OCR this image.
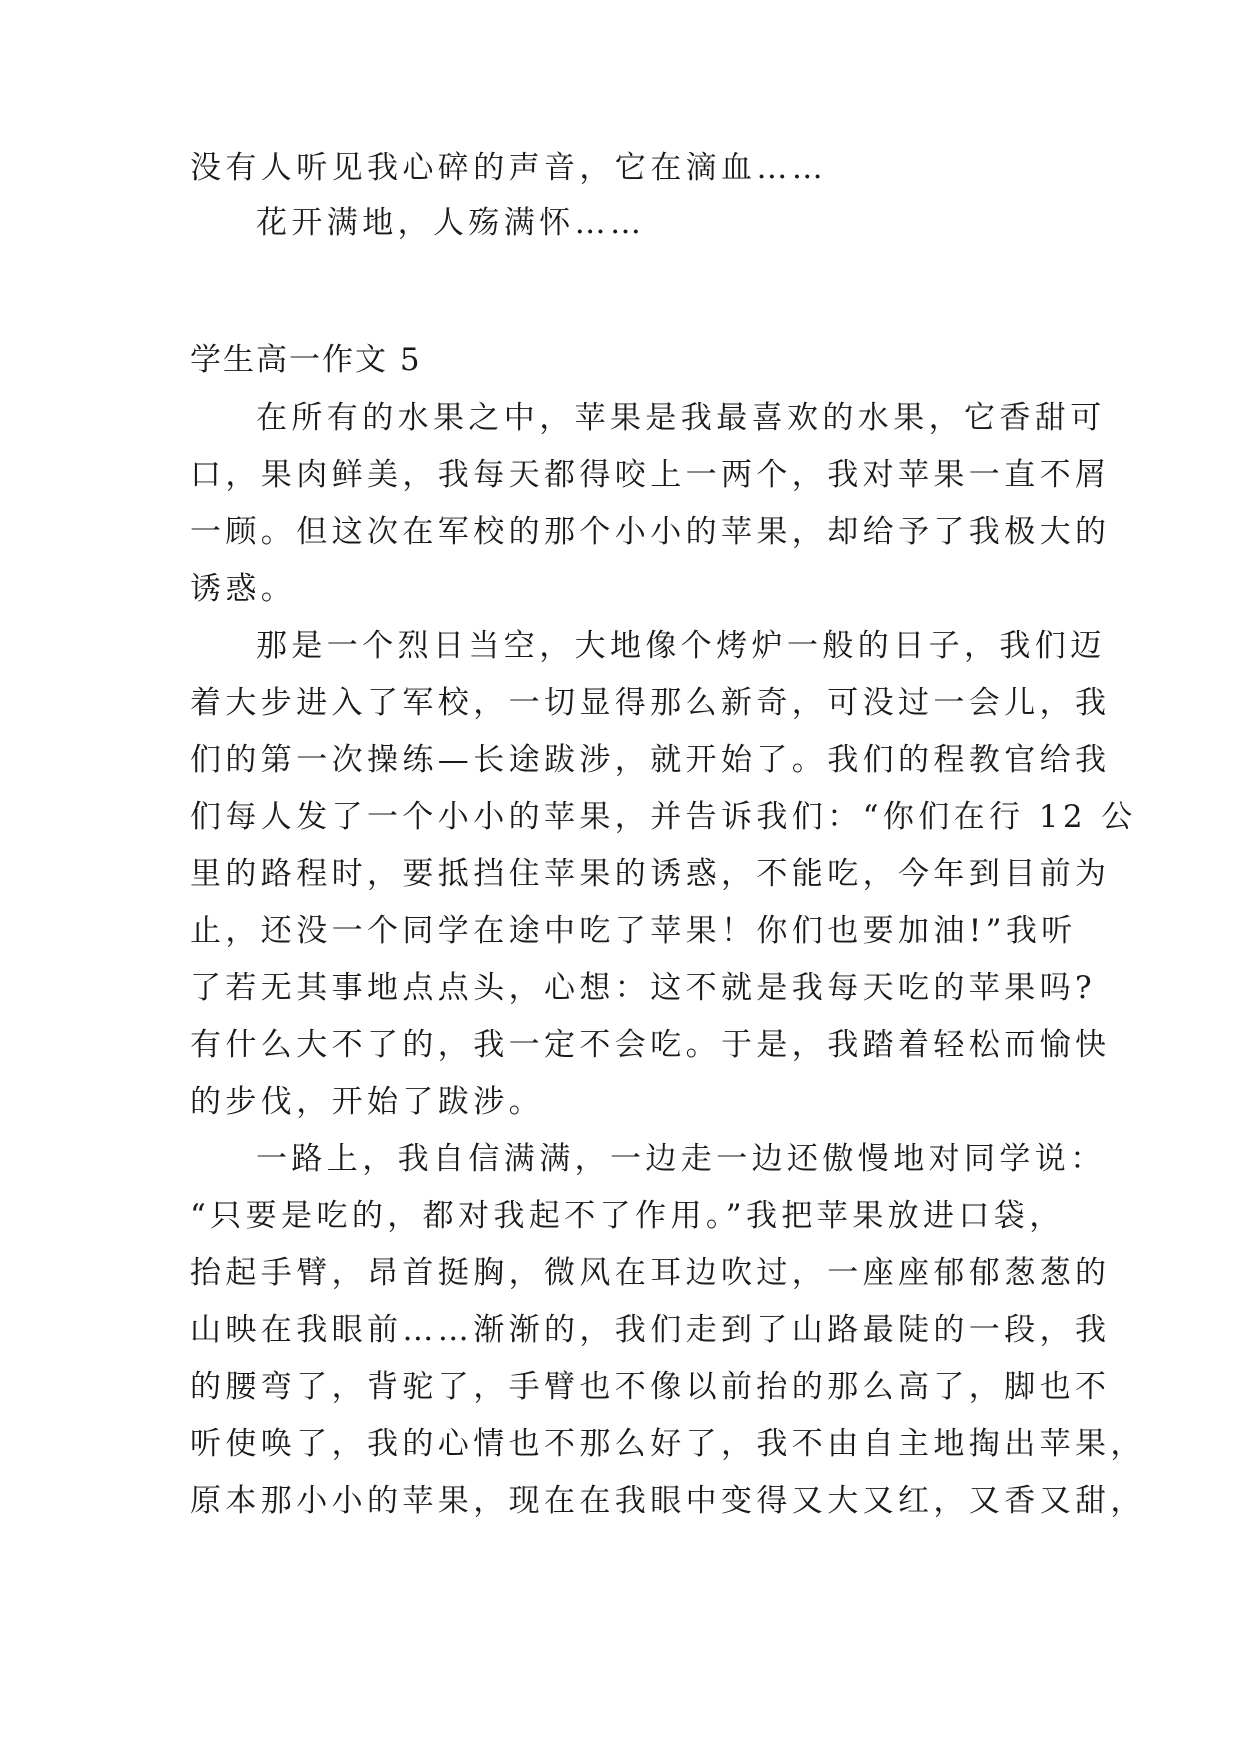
没有人听见我心碎的声音，它在滴血……
花开满地，人殇满怀……
学生高一作文 5
在所有的水果之中，苹果是我最喜欢的水果，它香甜可
口，果肉鲜美，我每天都得咬上一两个，我对苹果一直不屑
一顾。但这次在军校的那个小小的苹果，却给予了我极大的
诱惑。
那是一个烈日当空，大地像个烤炉一般的日子，我们迈
着大步进入了军校，一切显得那么新奇，可没过一会儿，我
们的第一次操练—长途跋涉，就开始了。我们的程教官给我
们每人发了一个小小的苹果，并告诉我们：“你们在行 12 公
里的路程时，要抵挡住苹果的诱惑，不能吃，今年到目前为
止，还没一个同学在途中吃了苹果！你们也要加油!”我听
了若无其事地点点头，心想：这不就是我每天吃的苹果吗?
有什么大不了的，我一定不会吃。于是，我踏着轻松而愉快
的步伐，开始了跋涉。
一路上，我自信满满，一边走一边还傲慢地对同学说：
“只要是吃的，都对我起不了作用。”我把苹果放进口袋，
抬起手臂，昂首挺胸，微风在耳边吹过，一座座郁郁葱葱的
山映在我眼前……渐渐的，我们走到了山路最陡的一段，我
的腰弯了，背驼了，手臂也不像以前抬的那么高了，脚也不
听使唤了，我的心情也不那么好了，我不由自主地掏出苹果，
原本那小小的苹果，现在在我眼中变得又大又红，又香又甜，
